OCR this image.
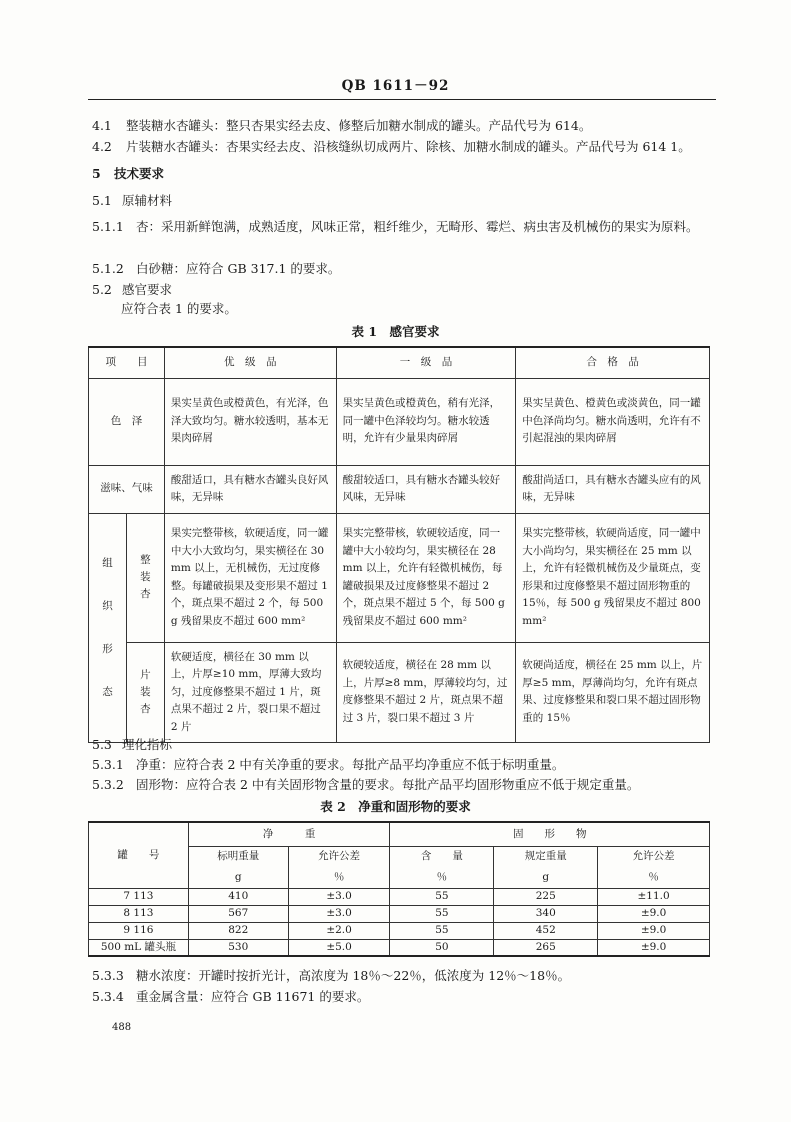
QB 1611－92
4.1 整装糖水杏罐头：整只杏果实经去皮、修整后加糖水制成的罐头。产品代号为 614。
4.2 片装糖水杏罐头：杏果实经去皮、沿核缝纵切成两片、除核、加糖水制成的罐头。产品代号为 614 1。
5 技术要求
5.1 原辅材料
5.1.1 杏：采用新鲜饱满，成熟适度，风味正常，粗纤维少，无畸形、霉烂、病虫害及机械伤的果实为原料。
5.1.2 白砂糖：应符合 GB 317.1 的要求。
5.2 感官要求
应符合表 1 的要求。
表 1　感官要求
项　　目		优　级　品	一　级　品	合　格　品
色　泽		果实呈黄色或橙黄色，有光泽，色泽大致均匀。糖水较透明，基本无果肉碎屑	果实呈黄色或橙黄色，稍有光泽，同一罐中色泽较均匀。糖水较透明，允许有少量果肉碎屑	果实呈黄色、橙黄色或淡黄色，同一罐中色泽尚均匀。糖水尚透明，允许有不引起混浊的果肉碎屑
滋味、气味		酸甜适口，具有糖水杏罐头良好风味，无异味	酸甜较适口，具有糖水杏罐头较好风味，无异味	酸甜尚适口，具有糖水杏罐头应有的风味，无异味

组　织　形　态	整　装　杏	果实完整带核，软硬适度，同一罐中大小大致均匀，果实横径在 30 mm 以上，无机械伤，无过度修整。每罐破损果及变形果不超过 1 个，斑点果不超过 2 个，每 500 g 残留果皮不超过 600 mm²	果实完整带核，软硬较适度，同一罐中大小较均匀，果实横径在 28 mm 以上，允许有轻微机械伤，每罐破损果及过度修整果不超过 2 个，斑点果不超过 5 个，每 500 g 残留果皮不超过 600 mm²	果实完整带核，软硬尚适度，同一罐中大小尚均匀，果实横径在 25 mm 以上，允许有轻微机械伤及少量斑点，变形果和过度修整果不超过固形物重的 15％，每 500 g 残留果皮不超过 800 mm²

	片　装　杏	软硬适度，横径在 30 mm 以上，片厚≥10 mm，厚薄大致均匀，过度修整果不超过 1 片，斑点果不超过 2 片，裂口果不超过 2 片	软硬较适度，横径在 28 mm 以上，片厚≥8 mm，厚薄较均匀，过度修整果不超过 2 片，斑点果不超过 3 片，裂口果不超过 3 片	软硬尚适度，横径在 25 mm 以上，片厚≥5 mm，厚薄尚均匀，允许有斑点果、过度修整果和裂口果不超过固形物重的 15％
5.3 理化指标
5.3.1 净重：应符合表 2 中有关净重的要求。每批产品平均净重应不低于标明重量。
5.3.2 固形物：应符合表 2 中有关固形物含量的要求。每批产品平均固形物重应不低于规定重量。
表 2　净重和固形物的要求
罐　　号	净　　　重		固　　形　　物		
	标明重量	允许公差	含　　量	规定重量	允许公差
	g	％	％	g	％
7 113	410	±3.0	55	225	±11.0
8 113	567	±3.0	55	340	±9.0
9 116	822	±2.0	55	452	±9.0
500 mL 罐头瓶	530	±5.0	50	265	±9.0
5.3.3 糖水浓度：开罐时按折光计，高浓度为 18％～22％，低浓度为 12％～18％。
5.3.4 重金属含量：应符合 GB 11671 的要求。
488
